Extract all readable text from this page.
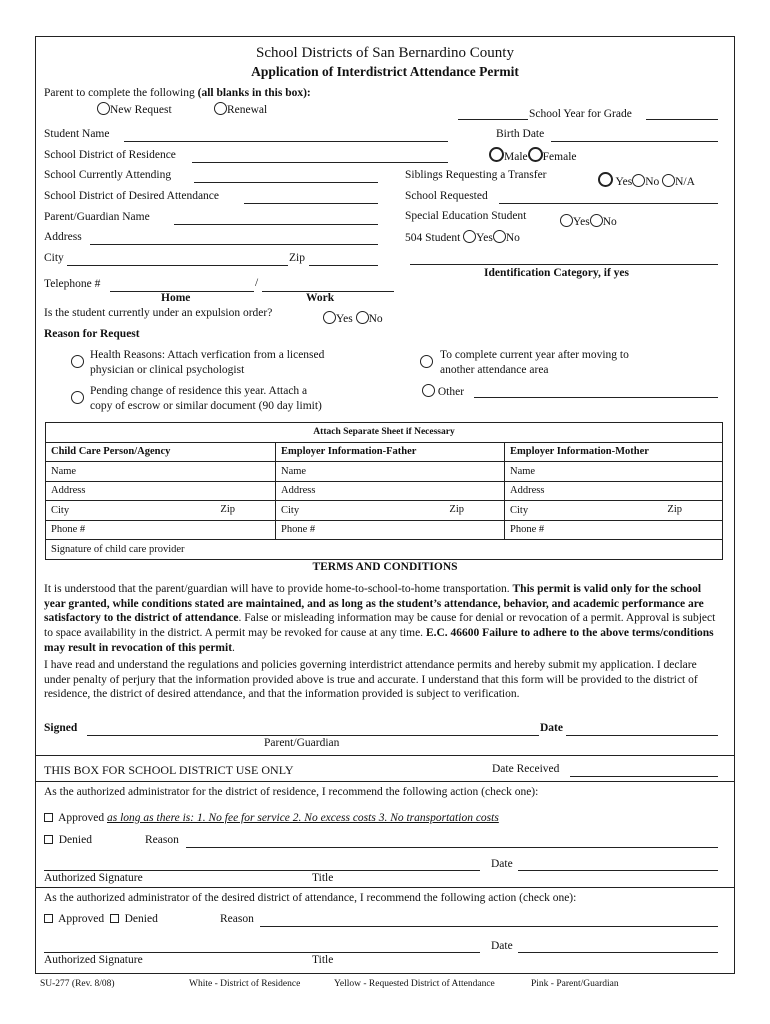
School Districts of San Bernardino County
Application of Interdistrict Attendance Permit
Parent to complete the following (all blanks in this box):
New Request	Renewal	School Year for Grade
Student Name	Birth Date
School District of Residence	Male Female
School Currently Attending	Siblings Requesting a Transfer
Yes No N/A
School District of Desired Attendance	School Requested
Parent/Guardian Name	Special Education Student	Yes No
Address	504 Student Yes No
City	Zip
Identification Category, if yes
Telephone #	/
Home	Work
Is the student currently under an expulsion order?	Yes No
Reason for Request
Health Reasons: Attach verfication from a licensed
physician or clinical psychologist
To complete current year after moving to
another attendance area
Pending change of residence this year. Attach a
copy of escrow or similar document (90 day limit)
Other
Attach Separate Sheet if Necessary		
Child Care Person/Agency	Employer Information-Father	Employer Information-Mother
Name	Name	Name
Address	Address	Address
City Zip	City Zip	City Zip

Phone #	Phone #	Phone #
Signature of child care provider		
TERMS AND CONDITIONS
It is understood that the parent/guardian will have to provide home-to-school-to-home transportation. This permit is valid only for the school year granted, while conditions stated are maintained, and as long as the student’s attendance, behavior, and academic performance are satisfactory to the district of attendance. False or misleading information may be cause for denial or revocation of a permit. Approval is subject to space availability in the district. A permit may be revoked for cause at any time. E.C. 46600 Failure to adhere to the above terms/conditions may result in revocation of this permit.
I have read and understand the regulations and policies governing interdistrict attendance permits and hereby submit my application. I declare under penalty of perjury that the information provided above is true and accurate. I understand that this form will be provided to the district of residence, the district of desired attendance, and that the information provided is subject to verification.
Signed	Date
Parent/Guardian
THIS BOX FOR SCHOOL DISTRICT USE ONLY	Date Received
As the authorized administrator for the district of residence, I recommend the following action (check one):
Approved as long as there is: 1. No fee for service 2. No excess costs 3. No transportation costs
Denied	Reason
Date
Authorized Signature	Title
As the authorized administrator of the desired district of attendance, I recommend the following action (check one):
Approved Denied	Reason
Date
Authorized Signature	Title
SU-277 (Rev. 8/08)	White - District of Residence	Yellow - Requested District of Attendance	Pink - Parent/Guardian
